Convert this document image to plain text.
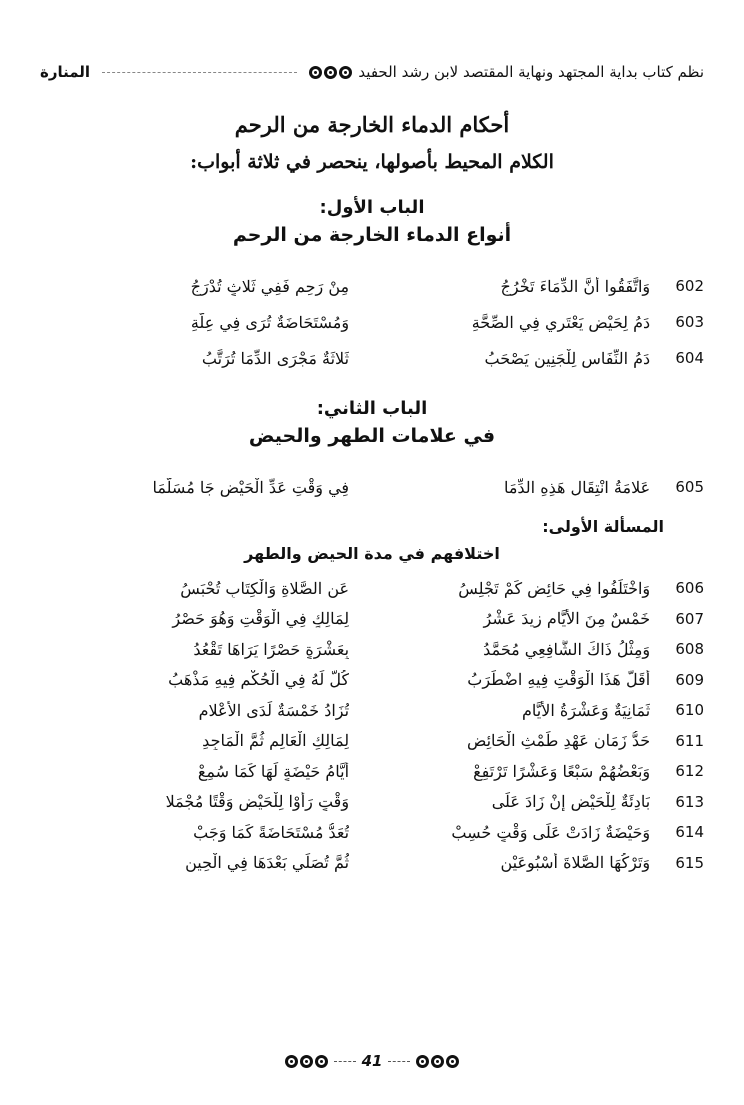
المنارة	نظم كتاب بداية المجتهد ونهاية المقتصد لابن رشد الحفيد
أحكام الدماء الخارجة من الرحم
الكلام المحيط بأصولها، ينحصر في ثلاثة أبواب:
الباب الأول:
أنواع الدماء الخارجة من الرحم
مِنْ رَحِمٍ فَفِي ثَلاثٍ تُدْرَجُ	وَاتَّفَقُوا أَنَّ الدِّمَاءَ تَخْرُجُ	602
وَمُسْتَحَاضَةٌ تُرَى فِي عِلَّةِ	دَمُ لِحَيْضٍ يَعْتَرِي فِي الصِّحَّةِ	603
ثَلاثَةٌ مَجْرَى الدِّمَا تُرَتَّبُ	دَمُ النِّفَاسِ لِلْجَنِينِ يَصْحَبُ	604
الباب الثاني:
في علامات الطهر والحيض
فِي وَقْتِ عَدِّ الْحَيْضِ جَا مُسَلَّمَا	عَلامَةُ انْتِقَالِ هَذِهِ الدِّمَا	605
المسألة الأولى:
اختلافهم في مدة الحيض والطهر
عَنِ الصَّلاةِ وَالْكِتَابِ تُحْبَسُ	وَاخْتَلَفُوا فِي حَائِضٍ كَمْ تَجْلِسُ	606
لِمَالِكٍ فِي الْوَقْتِ وَهُوَ حَصْرُ	خَمْسٌ مِنَ الأَيَّامِ زِيدَ عَشْرُ	607
بِعَشْرَةٍ حَصْرًا يَرَاهَا تَقْعُدُ	وَمِثْلُ ذَاكَ الشَّافِعِي مُحَمَّدُ	608
كُلٌّ لَهُ فِي الْحُكْمِ فِيهِ مَذْهَبُ	أَقَلُّ هَذَا الْوَقْتِ فِيهِ اضْطَرَبُ	609
تُزَادُ خَمْسَةٌ لَدَى الأَعْلامِ	ثَمَانِيَةٌ وَعَشْرَةُ الأَيَّامِ	610
لِمَالِكِ الْعَالِمِ ثُمَّ الْمَاجِدِ	حَدُّ زَمَانِ عَهْدِ طَمْثِ الْحَائِضِ	611
أَيَّامُ حَيْضَةٍ لَهَا كَمَا سُمِعْ	وَبَعْضُهُمْ سَبْعًا وَعَشْرًا تَرْتَفِعْ	612
وَقْتٍ رَأَوْا لِلْحَيْضِ وَقْتًا مُجْمَلا	بَادِئَةٌ لِلْحَيْضِ إِنْ زَادَ عَلَى	613
تُعَدُّ مُسْتَحَاضَةً كَمَا وَجَبْ	وَحَيْضَةٌ زَادَتْ عَلَى وَقْتٍ حُسِبْ	614
ثُمَّ تُصَلِّي بَعْدَهَا فِي الْحِينِ	وَتَرْكُهَا الصَّلاةَ أُسْبُوعَيْنِ	615
41
